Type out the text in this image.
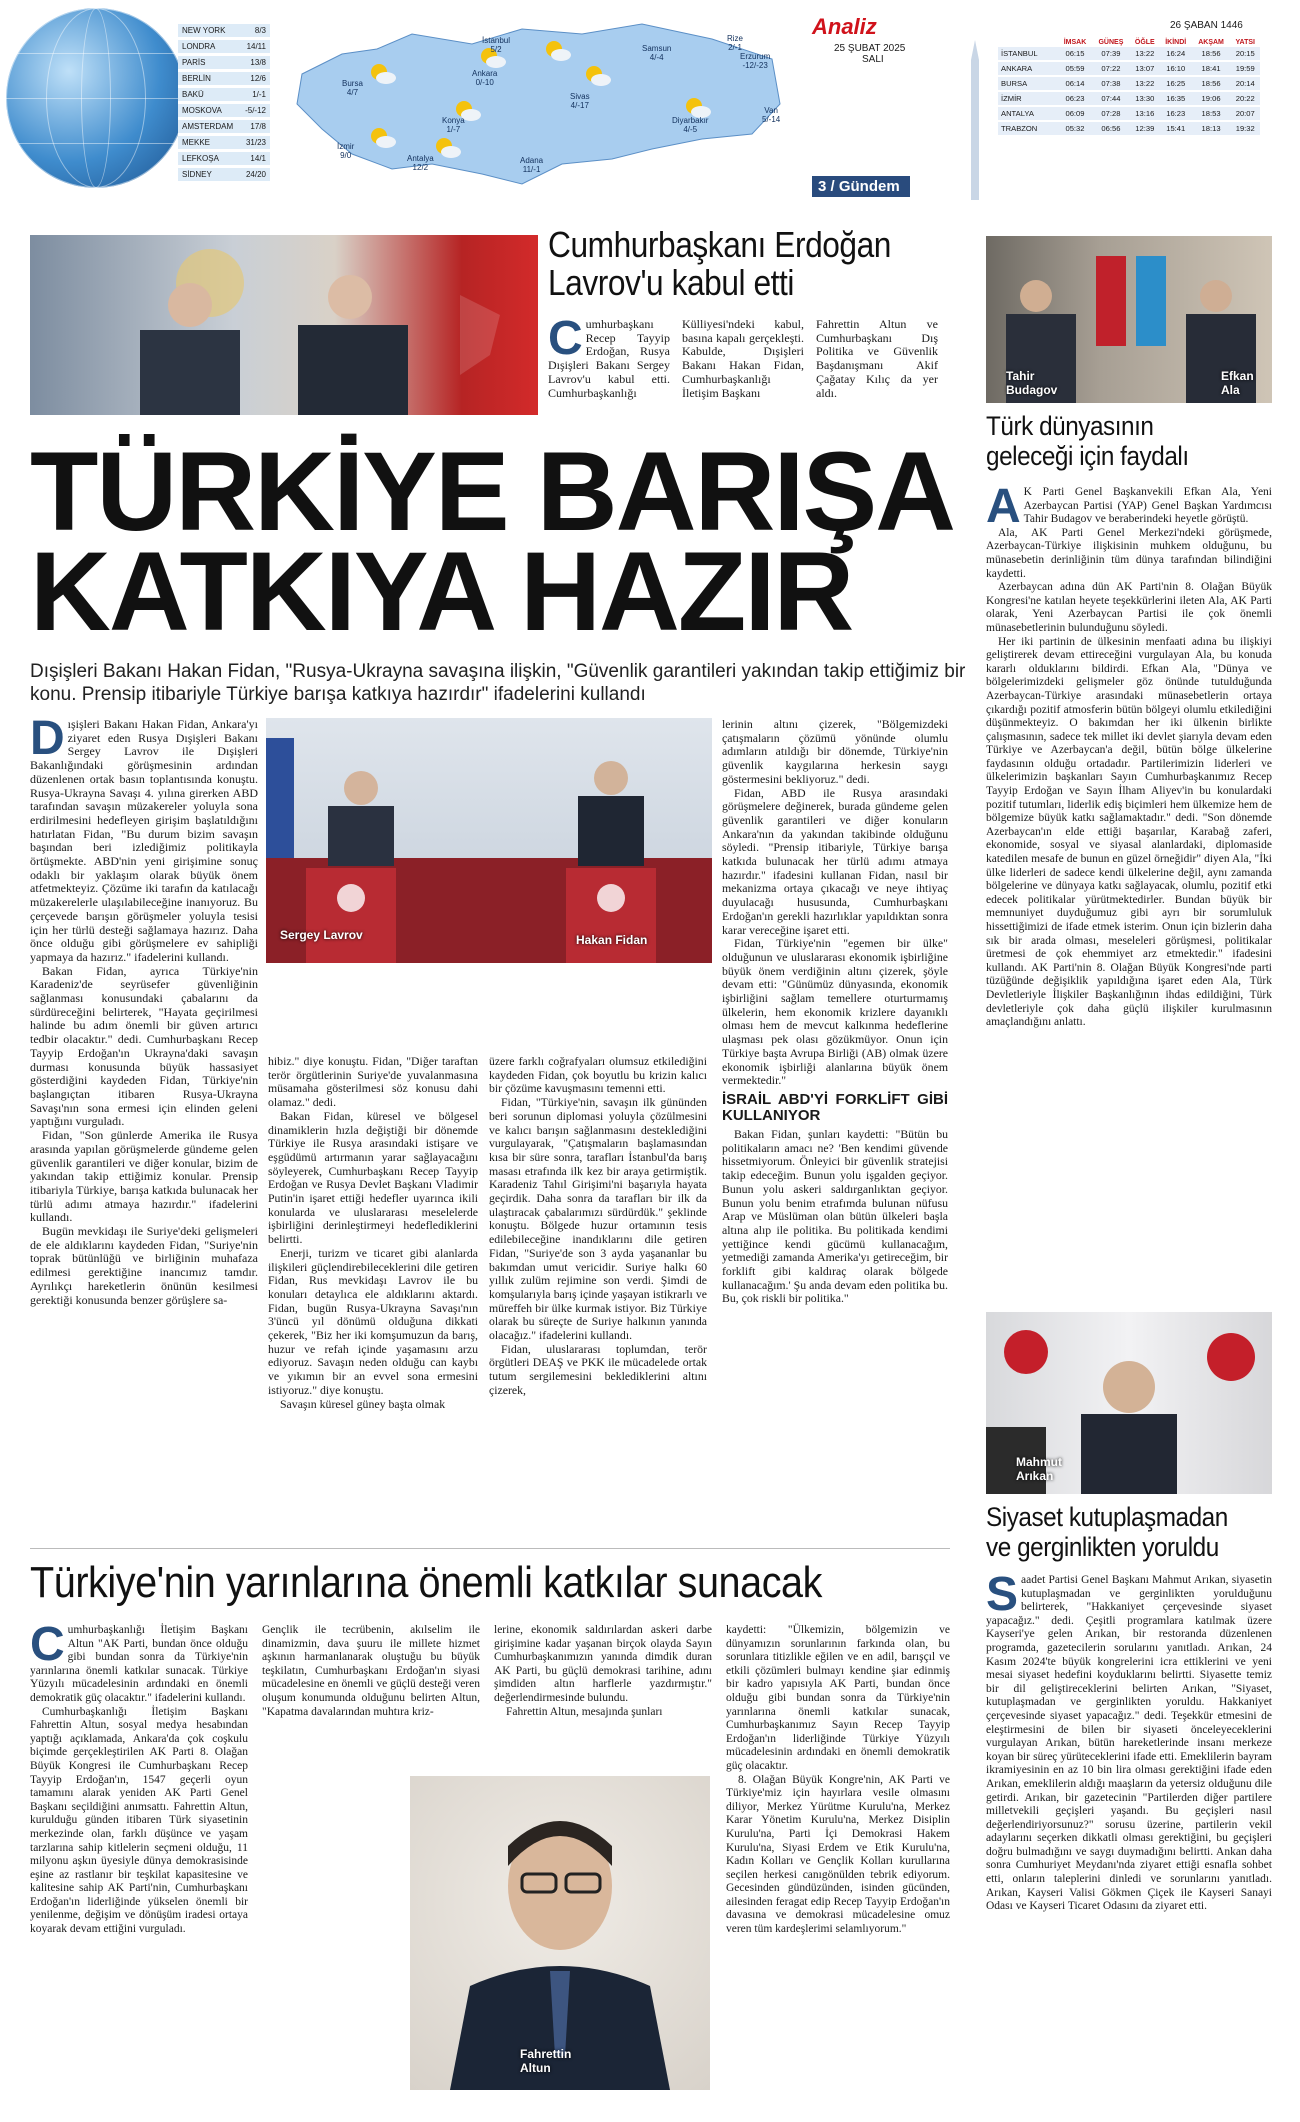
NEW YORK	8/3
LONDRA	14/11
PARİS	13/8
BERLİN	12/6
BAKÜ	1/-1
MOSKOVA	-5/-12
AMSTERDAM 17/8
MEKKE	31/23
LEFKOŞA	14/1
SİDNEY	24/20
İstanbul
5/2	Samsun
4/-4
Rize
2/-1
Erzurum
-12/-23
Bursa
4/7
Ankara
0/-10
Sivas
4/-17
Van
5/-14
Konya
1/-7
Diyarbakır
4/-5
İzmir
9/0	Antalya
12/2
Adana
11/-1
Analiz
25 ŞUBAT 2025
SALI
26 ŞABAN 1446
	İMSAK	GÜNEŞ	ÖĞLE	İKİNDİ	AKŞAM	YATSI
İSTANBUL	06:15	07:39	13:22	16:24	18:56	20:15
ANKARA	05:59	07:22	13:07	16:10	18:41	19:59
BURSA	06:14	07:38	13:22	16:25	18:56	20:14
İZMİR	06:23	07:44	13:30	16:35	19:06	20:22
ANTALYA	06:09	07:28	13:16	16:23	18:53	20:07
TRABZON	05:32	06:56	12:39	15:41	18:13	19:32
3 / Gündem
Cumhurbaşkanı Erdoğan
Lavrov'u kabul etti
Cumhurbaşkanı Recep Tayyip Erdoğan, Rusya Dışişleri Bakanı Sergey Lavrov'u kabul etti. Cumhurbaşkanlığı
Külliyesi'ndeki kabul, basına kapalı gerçekleşti. Kabulde, Dışişleri Bakanı Hakan Fidan, Cumhurbaşkanlığı İletişim Başkanı
Fahrettin Altun ve Cumhurbaşkanı Dış Politika ve Güvenlik Başdanışmanı Akif Çağatay Kılıç da yer aldı.
TÜRKİYE BARIŞA
KATKIYA HAZIR
Dışişleri Bakanı Hakan Fidan, "Rusya-Ukrayna savaşına ilişkin, "Güvenlik garantileri yakından takip ettiğimiz bir konu. Prensip itibariyle Türkiye barışa katkıya hazırdır" ifadelerini kullandı
Sergey Lavrov	Hakan Fidan
Dışişleri Bakanı Hakan Fidan, Ankara'yı ziyaret eden Rusya Dışişleri Bakanı Sergey Lavrov ile Dışişleri Bakanlığındaki görüşmesinin ardından düzenlenen ortak basın toplantısında konuştu. Rusya-Ukrayna Savaşı 4. yılına girerken ABD tarafından savaşın müzakereler yoluyla sona erdirilmesini hedefleyen girişim başlatıldığını hatırlatan Fidan, "Bu durum bizim savaşın başından beri izlediğimiz politikayla örtüşmekte. ABD'nin yeni girişimine sonuç odaklı bir yaklaşım olarak büyük önem atfetmekteyiz. Çözüme iki tarafın da katılacağı müzakerelerle ulaşılabileceğine inanıyoruz. Bu çerçevede barışın görüşmeler yoluyla tesisi için her türlü desteği sağlamaya hazırız. Daha önce olduğu gibi görüşmelere ev sahipliği yapmaya da hazırız." ifadelerini kullandı.

Bakan Fidan, ayrıca Türkiye'nin Karadeniz'de seyrüsefer güvenliğinin sağlanması konusundaki çabalarını da sürdüreceğini belirterek, "Hayata geçirilmesi halinde bu adım önemli bir güven artırıcı tedbir olacaktır." dedi. Cumhurbaşkanı Recep Tayyip Erdoğan'ın Ukrayna'daki savaşın durması konusunda büyük hassasiyet gösterdiğini kaydeden Fidan, Türkiye'nin başlangıçtan itibaren Rusya-Ukrayna Savaşı'nın sona ermesi için elinden geleni yaptığını vurguladı.

Fidan, "Son günlerde Amerika ile Rusya arasında yapılan görüşmelerde gündeme gelen güvenlik garantileri ve diğer konular, bizim de yakından takip ettiğimiz konular. Prensip itibariyla Türkiye, barışa katkıda bulunacak her türlü adımı atmaya hazırdır." ifadelerini kullandı.

Bugün mevkidaşı ile Suriye'deki gelişmeleri de ele aldıklarını kaydeden Fidan, "Suriye'nin toprak bütünlüğü ve birliğinin muhafaza edilmesi gerektiğine inancımız tamdır. Ayrılıkçı hareketlerin önünün kesilmesi gerektiği konusunda benzer görüşlere sa-

hibiz." diye konuştu. Fidan, "Diğer taraftan terör örgütlerinin Suriye'de yuvalanmasına müsamaha gösterilmesi söz konusu dahi olamaz." dedi.

Bakan Fidan, küresel ve bölgesel dinamiklerin hızla değiştiği bir dönemde Türkiye ile Rusya arasındaki istişare ve eşgüdümü artırmanın yarar sağlayacağını söyleyerek, Cumhurbaşkanı Recep Tayyip Erdoğan ve Rusya Devlet Başkanı Vladimir Putin'in işaret ettiği hedefler uyarınca ikili konularda ve uluslararası meselelerde işbirliğini derinleştirmeyi hedeflediklerini belirtti.

Enerji, turizm ve ticaret gibi alanlarda ilişkileri güçlendirebileceklerini dile getiren Fidan, Rus mevkidaşı Lavrov ile bu konuları detaylıca ele aldıklarını aktardı. Fidan, bugün Rusya-Ukrayna Savaşı'nın 3'üncü yıl dönümü olduğuna dikkati çekerek, "Biz her iki komşumuzun da barış, huzur ve refah içinde yaşamasını arzu ediyoruz. Savaşın neden olduğu can kaybı ve yıkımın bir an evvel sona ermesini istiyoruz." diye konuştu.

Savaşın küresel güney başta olmak

üzere farklı coğrafyaları olumsuz etkilediğini kaydeden Fidan, çok boyutlu bu krizin kalıcı bir çözüme kavuşmasını temenni etti.

Fidan, "Türkiye'nin, savaşın ilk gününden beri sorunun diplomasi yoluyla çözülmesini ve kalıcı barışın sağlanmasını desteklediğini vurgulayarak, "Çatışmaların başlamasından kısa bir süre sonra, tarafları İstanbul'da barış masası etrafında ilk kez bir araya getirmiştik. Karadeniz Tahıl Girişimi'ni başarıyla hayata geçirdik. Daha sonra da tarafları bir ilk da ulaştıracak çabalarımızı sürdürdük." şeklinde konuştu. Bölgede huzur ortamının tesis edilebileceğine inandıklarını dile getiren Fidan, "Suriye'de son 3 ayda yaşananlar bu bakımdan umut vericidir. Suriye halkı 60 yıllık zulüm rejimine son verdi. Şimdi de komşularıyla barış içinde yaşayan istikrarlı ve müreffeh bir ülke kurmak istiyor. Biz Türkiye olarak bu süreçte de Suriye halkının yanında olacağız." ifadelerini kullandı.

Fidan, uluslararası toplumdan, terör örgütleri DEAŞ ve PKK ile mücadelede ortak tutum sergilemesini beklediklerini altını çizerek,

lerinin altını çizerek, "Bölgemizdeki çatışmaların çözümü yönünde olumlu adımların atıldığı bir dönemde, Türkiye'nin güvenlik kaygılarına herkesin saygı göstermesini bekliyoruz." dedi.

Fidan, ABD ile Rusya arasındaki görüşmelere değinerek, burada gündeme gelen güvenlik garantileri ve diğer konuların Ankara'nın da yakından takibinde olduğunu söyledi. "Prensip itibariyle, Türkiye barışa katkıda bulunacak her türlü adımı atmaya hazırdır." ifadesini kullanan Fidan, nasıl bir mekanizma ortaya çıkacağı ve neye ihtiyaç duyulacağı hususunda, Cumhurbaşkanı Erdoğan'ın gerekli hazırlıklar yapıldıktan sonra karar vereceğine işaret etti.

Fidan, Türkiye'nin "egemen bir ülke" olduğunun ve uluslararası ekonomik işbirliğine büyük önem verdiğinin altını çizerek, şöyle devam etti: "Günümüz dünyasında, ekonomik işbirliğini sağlam temellere oturturmamış ülkelerin, hem ekonomik krizlere dayanıklı olması hem de mevcut kalkınma hedeflerine ulaşması pek olası gözükmüyor. Onun için Türkiye başta Avrupa Birliği (AB) olmak üzere ekonomik işbirliği alanlarına büyük önem vermektedir."

İSRAİL ABD'Yİ FORKLİFT GİBİ KULLANIYOR

Bakan Fidan, şunları kaydetti: "Bütün bu politikaların amacı ne? 'Ben kendimi güvende hissetmiyorum. Önleyici bir güvenlik stratejisi takip edeceğim. Bunun yolu işgalden geçiyor. Bunun yolu askeri saldırganlıktan geçiyor. Bunun yolu benim etrafımda bulunan nüfusu Arap ve Müslüman olan bütün ülkeleri başla altına alıp ile politika. Bu politikada kendimi yettiğince kendi gücümü kullanacağım, yetmediği zamanda Amerika'yı getireceğim, bir forklift gibi kaldıraç olarak bölgede kullanacağım.' Şu anda devam eden politika bu. Bu, çok riskli bir politika."

Tahir Budagov
Efkan Ala
Türk dünyasının
geleceği için faydalı
A K Parti Genel Başkanvekili Efkan Ala, Yeni Azerbaycan Partisi (YAP) Genel Başkan Yardımcısı Tahir Budagov ve beraberindeki heyetle görüştü.

Ala, AK Parti Genel Merkezi'ndeki görüşmede, Azerbaycan-Türkiye ilişkisinin muhkem olduğunu, bu münasebetin derinliğinin tüm dünya tarafından bilindiğini kaydetti.

Azerbaycan adına dün AK Parti'nin 8. Olağan Büyük Kongresi'ne katılan heyete teşekkürlerini ileten Ala, AK Parti olarak, Yeni Azerbaycan Partisi ile çok önemli münasebetlerinin bulunduğunu söyledi.

Her iki partinin de ülkesinin menfaati adına bu ilişkiyi geliştirerek devam ettireceğini vurgulayan Ala, bu konuda kararlı olduklarını bildirdi. Efkan Ala, "Dünya ve bölgelerimizdeki gelişmeler göz önünde tutulduğunda Azerbaycan-Türkiye arasındaki münasebetlerin ortaya çıkardığı pozitif atmosferin bütün bölgeyi olumlu etkilediğini düşünmekteyiz. O bakımdan her iki ülkenin birlikte çalışmasının, sadece tek millet iki devlet şiarıyla devam eden Türkiye ve Azerbaycan'a değil, bütün bölge ülkelerine faydasının olduğu ortadadır. Partilerimizin liderleri ve ülkelerimizin başkanları Sayın Cumhurbaşkanımız Recep Tayyip Erdoğan ve Sayın İlham Aliyev'in bu konulardaki pozitif tutumları, liderlik ediş biçimleri hem ülkemize hem de bölgemize büyük katkı sağlamaktadır." dedi. "Son dönemde Azerbaycan'ın elde ettiği başarılar, Karabağ zaferi, ekonomide, sosyal ve siyasal alanlardaki, diplomaside katedilen mesafe de bunun en güzel örneğidir" diyen Ala, "İki ülke liderleri de sadece kendi ülkelerine değil, aynı zamanda bölgelerine ve dünyaya katkı sağlayacak, olumlu, pozitif etki edecek politikalar yürütmektedirler. Bundan büyük bir memnuniyet duyduğumuz gibi ayrı bir sorumluluk hissettiğimizi de ifade etmek isterim. Onun için bizlerin daha sık bir arada olması, meseleleri görüşmesi, politikalar üretmesi de çok ehemmiyet arz etmektedir." ifadesini kullandı. AK Parti'nin 8. Olağan Büyük Kongresi'nde parti tüzüğünde değişiklik yapıldığına işaret eden Ala, Türk Devletleriyle İlişkiler Başkanlığının ihdas edildiğini, Türk devletleriyle çok daha güçlü ilişkiler kurulmasının amaçlandığını anlattı.

Mahmut Arıkan
Siyaset kutuplaşmadan
ve gerginlikten yoruldu
Saadet Partisi Genel Başkanı Mahmut Arıkan, siyasetin kutuplaşmadan ve gerginlikten yorulduğunu belirterek, "Hakkaniyet çerçevesinde siyaset yapacağız." dedi. Çeşitli programlara katılmak üzere Kayseri'ye gelen Arıkan, bir restoranda düzenlenen programda, gazetecilerin sorularını yanıtladı. Arıkan, 24 Kasım 2024'te büyük kongrelerini icra ettiklerini ve yeni mesai siyaset hedefini koyduklarını belirtti. Siyasette temiz bir dil geliştireceklerini belirten Arıkan, "Siyaset, kutuplaşmadan ve gerginlikten yoruldu. Hakkaniyet çerçevesinde siyaset yapacağız." dedi. Teşekkür etmesini de eleştirmesini de bilen bir siyaseti önceleyeceklerini vurgulayan Arıkan, bütün hareketlerinde insanı merkeze koyan bir süreç yürüteceklerini ifade etti. Emeklilerin bayram ikramiyesinin en az 10 bin lira olması gerektiğini ifade eden Arıkan, emeklilerin aldığı maaşların da yetersiz olduğunu dile getirdi. Arıkan, bir gazetecinin "Partilerden diğer partilere milletvekili geçişleri yaşandı. Bu geçişleri nasıl değerlendiriyorsunuz?" sorusu üzerine, partilerin vekil adaylarını seçerken dikkatli olması gerektiğini, bu geçişleri doğru bulmadığını ve saygı duymadığını belirtti. Ankan daha sonra Cumhuriyet Meydanı'nda ziyaret ettiği esnafla sohbet etti, onların taleplerini dinledi ve sorunlarını yanıtladı. Arıkan, Kayseri Valisi Gökmen Çiçek ile Kayseri Sanayi Odası ve Kayseri Ticaret Odasını da ziyaret etti.
Türkiye'nin yarınlarına önemli katkılar sunacak
Cumhurbaşkanlığı İletişim Başkanı Altun "AK Parti, bundan önce olduğu gibi bundan sonra da Türkiye'nin yarınlarına önemli katkılar sunacak. Türkiye Yüzyılı mücadelesinin ardındaki en önemli demokratik güç olacaktır." ifadelerini kullandı.

Cumhurbaşkanlığı İletişim Başkanı Fahrettin Altun, sosyal medya hesabından yaptığı açıklamada, Ankara'da çok coşkulu biçimde gerçekleştirilen AK Parti 8. Olağan Büyük Kongresi ile Cumhurbaşkanı Recep Tayyip Erdoğan'ın, 1547 geçerli oyun tamamını alarak yeniden AK Parti Genel Başkanı seçildiğini anımsattı. Fahrettin Altun, kurulduğu günden itibaren Türk siyasetinin merkezinde olan, farklı düşünce ve yaşam tarzlarına sahip kitlelerin seçmeni olduğu, 11 milyonu aşkın üyesiyle dünya demokrasisinde eşine az rastlanır bir teşkilat kapasitesine ve kalitesine sahip AK Parti'nin, Cumhurbaşkanı Erdoğan'ın liderliğinde yükselen önemli bir yenilenme, değişim ve dönüşüm iradesi ortaya koyarak devam ettiğini vurguladı.

Gençlik ile tecrübenin, akılselim ile dinamizmin, dava şuuru ile millete hizmet aşkının harmanlanarak oluştuğu bu büyük teşkilatın, Cumhurbaşkanı Erdoğan'ın siyasi mücadelesine en önemli ve güçlü desteği veren oluşum konumunda olduğunu belirten Altun, "Kapatma davalarından muhtıra kriz-

lerine, ekonomik saldırılardan askeri darbe girişimine kadar yaşanan birçok olayda Sayın Cumhurbaşkanımızın yanında dimdik duran AK Parti, bu güçlü demokrasi tarihine, adını şimdiden altın harflerle yazdırmıştır." değerlendirmesinde bulundu.

Fahrettin Altun, mesajında şunları

Fahrettin Altun

kaydetti: "Ülkemizin, bölgemizin ve dünyamızın sorunlarının farkında olan, bu sorunlara titizlikle eğilen ve en adil, barışçıl ve etkili çözümleri bulmayı kendine şiar edinmiş bir kadro yapısıyla AK Parti, bundan önce olduğu gibi bundan sonra da Türkiye'nin yarınlarına önemli katkılar sunacak, Cumhurbaşkanımız Sayın Recep Tayyip Erdoğan'ın liderliğinde Türkiye Yüzyılı mücadelesinin ardındaki en önemli demokratik güç olacaktır.

8. Olağan Büyük Kongre'nin, AK Parti ve Türkiye'miz için hayırlara vesile olmasını diliyor, Merkez Yürütme Kurulu'na, Merkez Karar Yönetim Kurulu'na, Merkez Disiplin Kurulu'na, Parti İçi Demokrasi Hakem Kurulu'na, Siyasi Erdem ve Etik Kurulu'na, Kadın Kolları ve Gençlik Kolları kurullarına seçilen herkesi canıgönülden tebrik ediyorum. Gecesinden gündüzünden, isinden gücünden, ailesinden feragat edip Recep Tayyip Erdoğan'ın davasına ve demokrasi mücadelesine omuz veren tüm kardeşlerimi selamlıyorum."
